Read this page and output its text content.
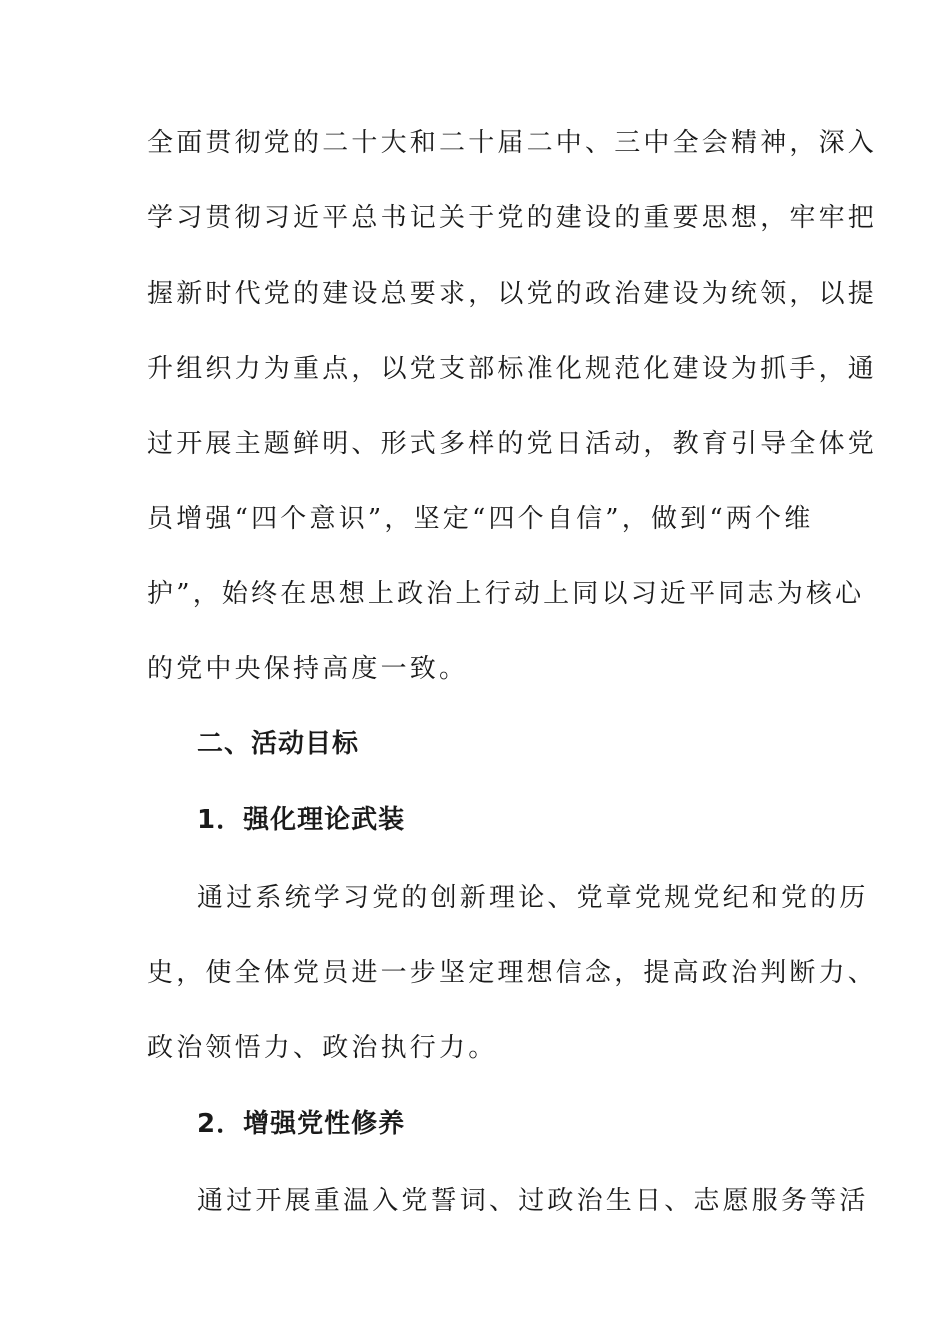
全面贯彻党的二十大和二十届二中、三中全会精神，深入
学习贯彻习近平总书记关于党的建设的重要思想，牢牢把
握新时代党的建设总要求，以党的政治建设为统领，以提
升组织力为重点，以党支部标准化规范化建设为抓手，通
过开展主题鲜明、形式多样的党日活动，教育引导全体党
员增强“四个意识”，坚定“四个自信”，做到“两个维
护”，始终在思想上政治上行动上同以习近平同志为核心
的党中央保持高度一致。
二、活动目标
1．强化理论武装
通过系统学习党的创新理论、党章党规党纪和党的历
史，使全体党员进一步坚定理想信念，提高政治判断力、
政治领悟力、政治执行力。
2．增强党性修养
通过开展重温入党誓词、过政治生日、志愿服务等活
